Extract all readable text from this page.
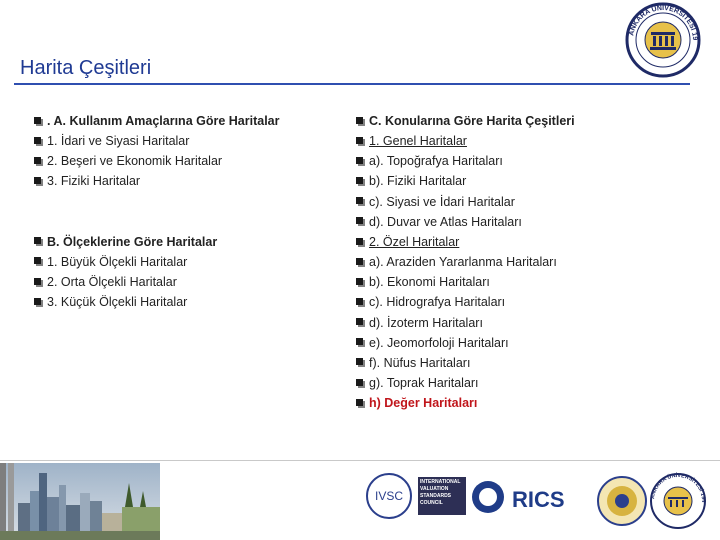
Harita Çeşitleri
ANKARA ÜNİVERSİTESİ 19
. A. Kullanım Amaçlarına Göre Haritalar
1. İdari ve Siyasi Haritalar
2. Beşeri ve Ekonomik Haritalar
3. Fiziki Haritalar
B. Ölçeklerine Göre Haritalar
1. Büyük Ölçekli Haritalar
2. Orta Ölçekli Haritalar
3. Küçük Ölçekli Haritalar
C. Konularına Göre Harita Çeşitleri
1. Genel Haritalar
a). Topoğrafya Haritaları
b). Fiziki Haritalar
c). Siyasi ve İdari Haritalar
d). Duvar ve Atlas Haritaları
2. Özel Haritalar
a). Araziden Yararlanma Haritaları
b). Ekonomi Haritaları
c). Hidrografya Haritaları
d). İzoterm Haritaları
e). Jeomorfoloji Haritaları
f). Nüfus Haritaları
g). Toprak Haritaları
h) Değer Haritaları
IVSC
INTERNATIONAL VALUATION STANDARDS COUNCIL	RICS	ANKARA ÜNİVERSİTESİ 194
